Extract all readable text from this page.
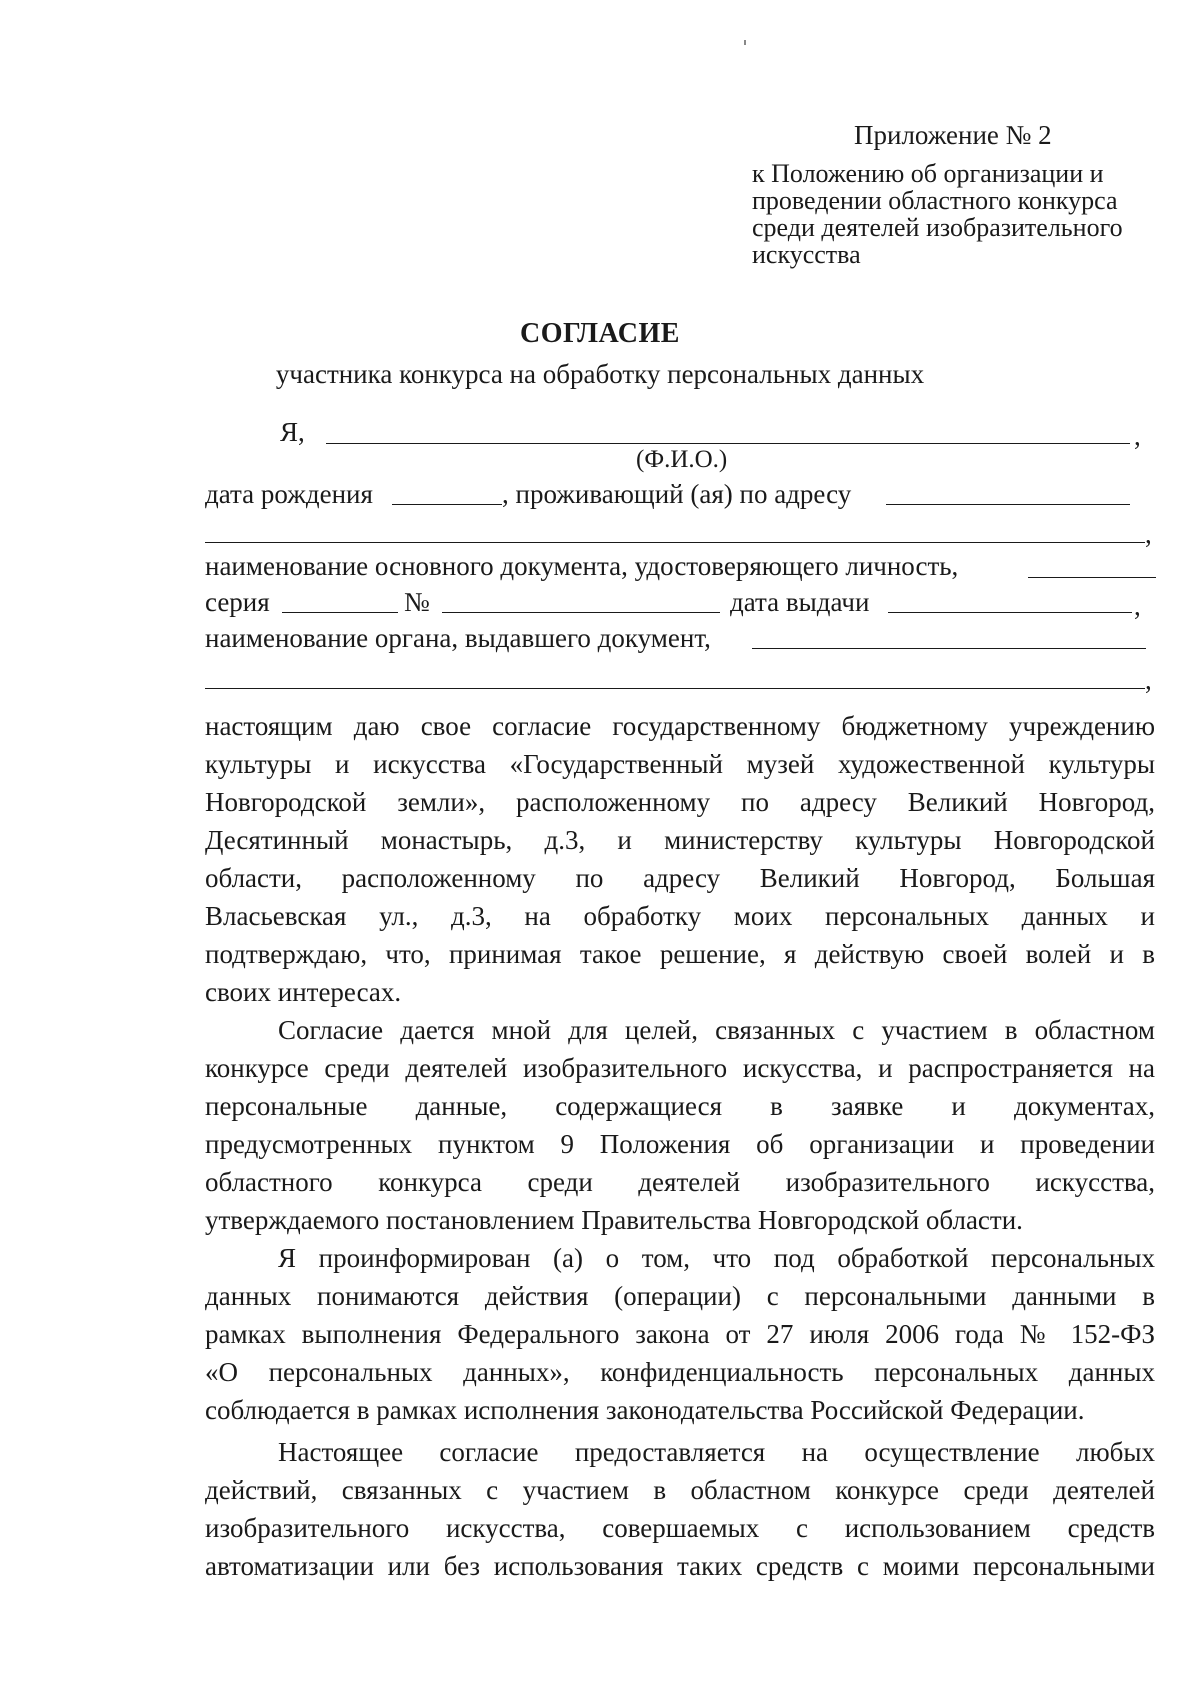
Приложение № 2
к Положению об организации и
проведении областного конкурса
среди деятелей изобразительного
искусства
СОГЛАСИЕ
участника конкурса на обработку персональных данных
Я,	,
(Ф.И.О.)
дата рождения	, проживающий (ая) по адресу
,
наименование основного документа, удостоверяющего личность,
серия	№	дата выдачи	,
наименование органа, выдавшего документ,
,
настоящим даю свое согласие государственному бюджетному учреждению
культуры и искусства «Государственный музей художественной культуры
Новгородской земли», расположенному по адресу Великий Новгород,
Десятинный монастырь, д.3, и министерству культуры Новгородской
области, расположенному по адресу Великий Новгород, Большая
Власьевская ул., д.3, на обработку моих персональных данных и
подтверждаю, что, принимая такое решение, я действую своей волей и в
своих интересах.
Согласие дается мной для целей, связанных с участием в областном
конкурсе среди деятелей изобразительного искусства, и распространяется на
персональные данные, содержащиеся в заявке и документах,
предусмотренных пунктом 9 Положения об организации и проведении
областного конкурса среди деятелей изобразительного искусства,
утверждаемого постановлением Правительства Новгородской области.
Я проинформирован (а) о том, что под обработкой персональных
данных понимаются действия (операции) с персональными данными в
рамках выполнения Федерального закона от 27 июля 2006 года № 152-ФЗ
«О персональных данных», конфиденциальность персональных данных
соблюдается в рамках исполнения законодательства Российской Федерации.
Настоящее согласие предоставляется на осуществление любых
действий, связанных с участием в областном конкурсе среди деятелей
изобразительного искусства, совершаемых с использованием средств
автоматизации или без использования таких средств с моими персональными
